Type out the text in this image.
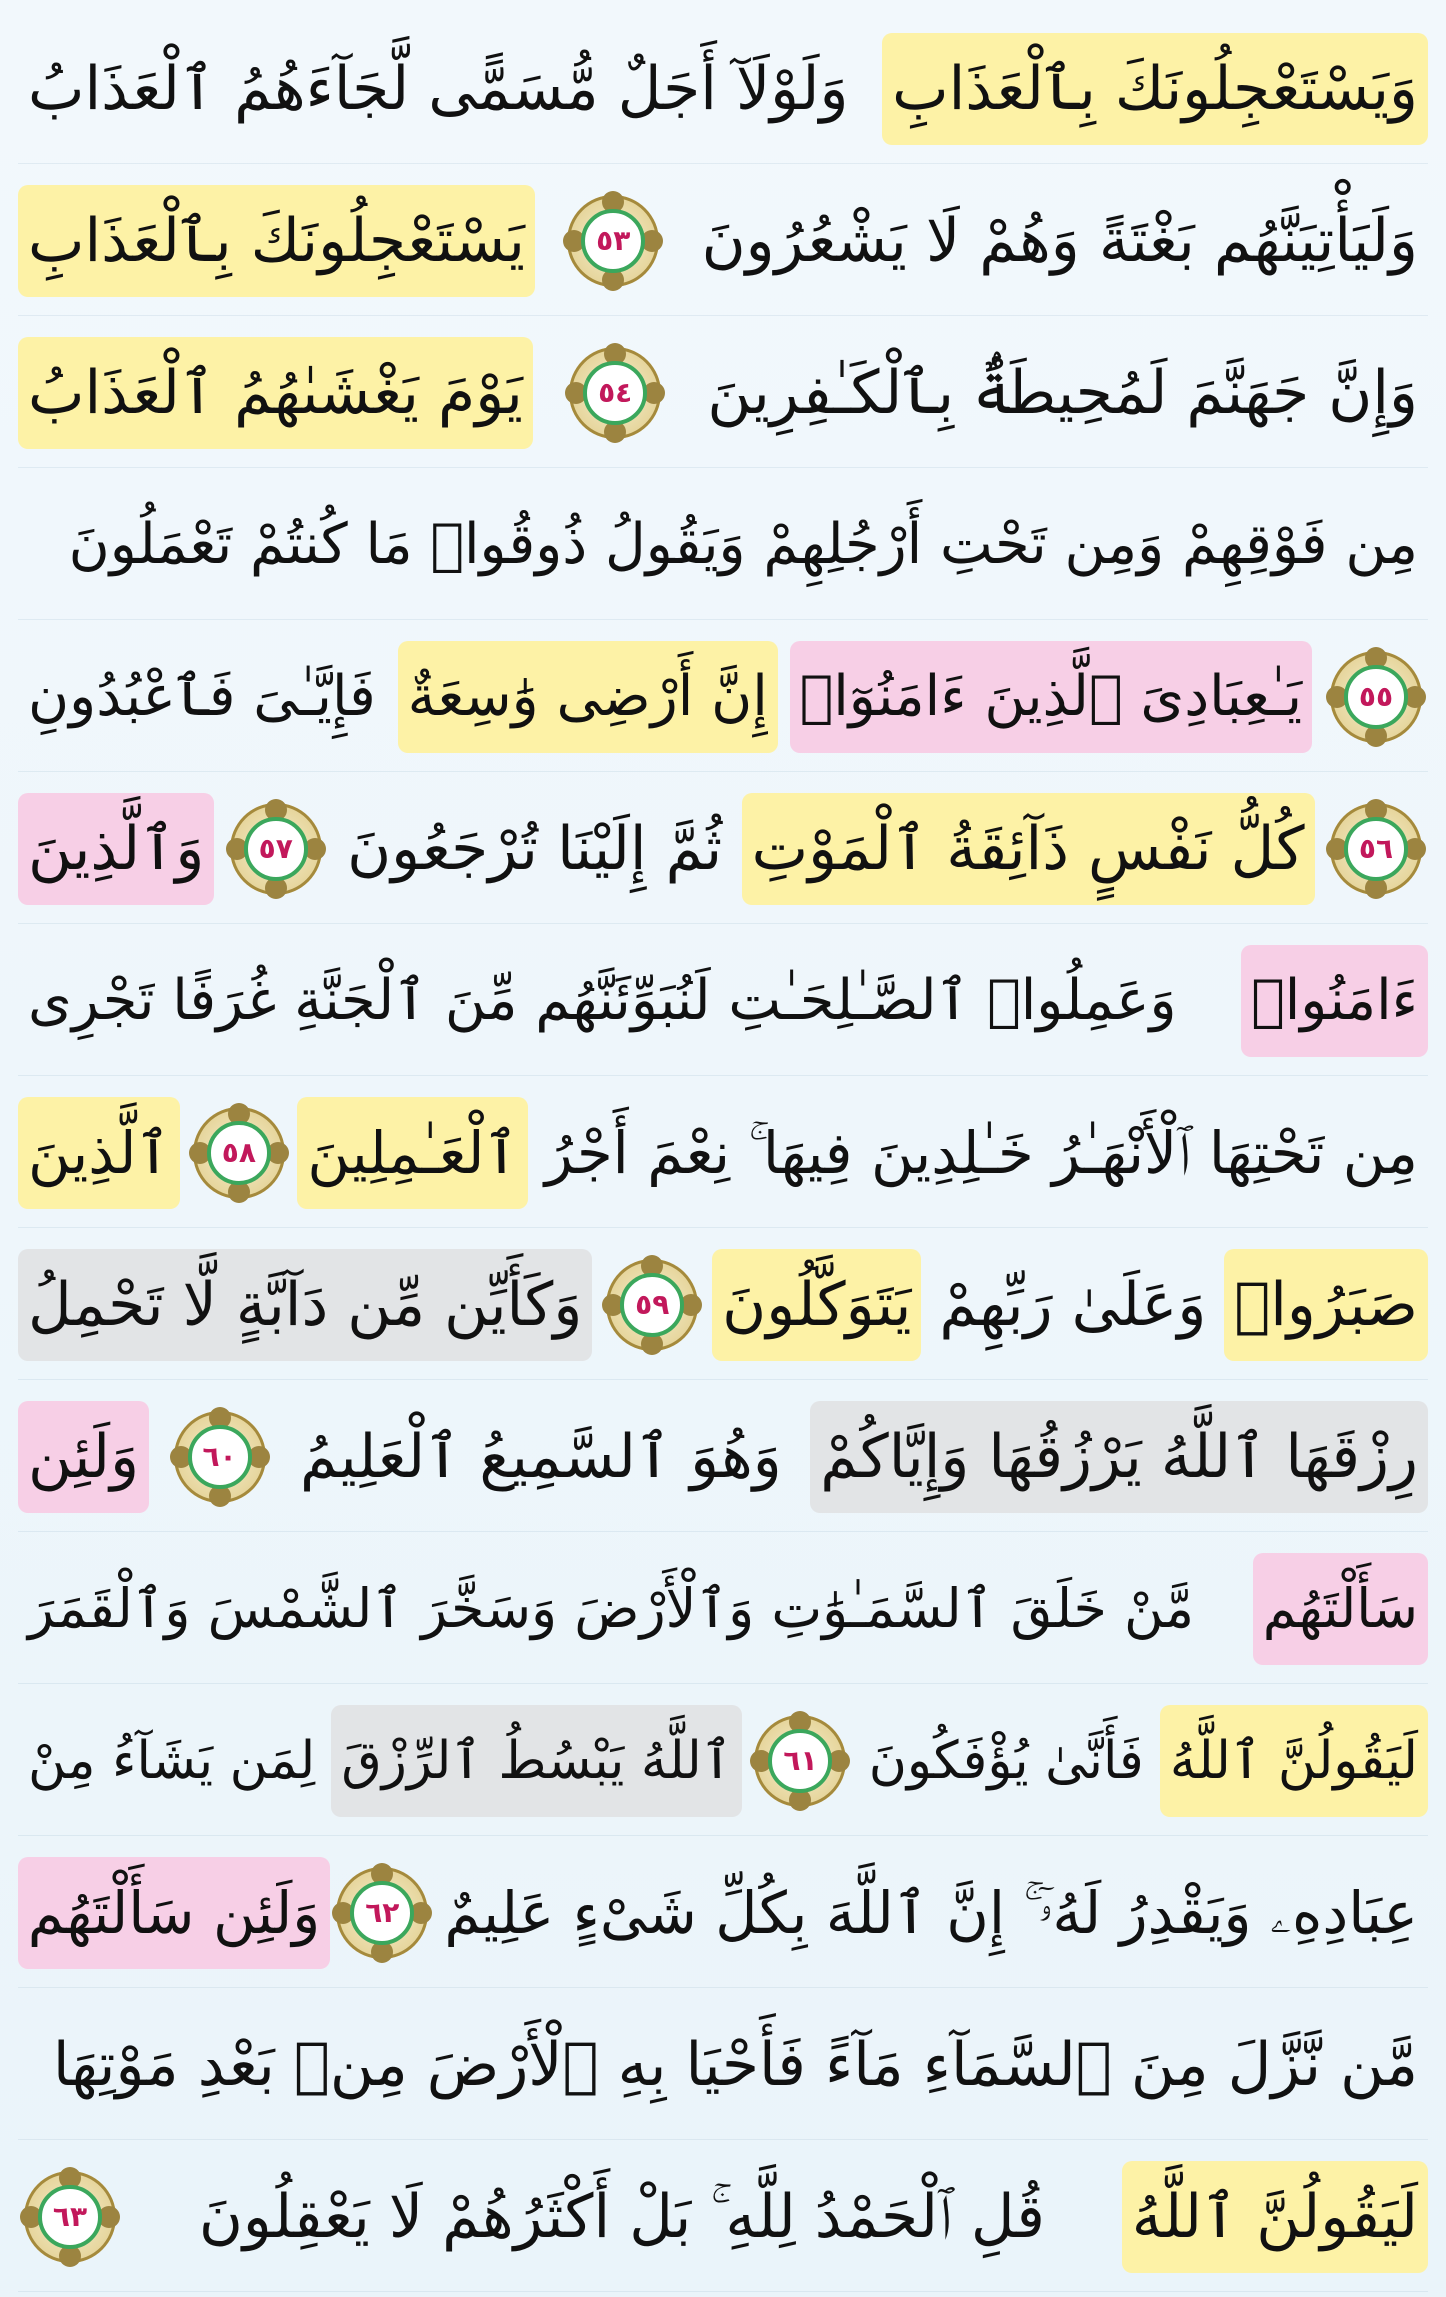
وَيَسْتَعْجِلُونَكَ بِٱلْعَذَابِ
وَلَوْلَآ أَجَلٌ مُّسَمًّى لَّجَآءَهُمُ ٱلْعَذَابُ
وَلَيَأْتِيَنَّهُم بَغْتَةً وَهُمْ لَا يَشْعُرُونَ
٥٣
يَسْتَعْجِلُونَكَ بِٱلْعَذَابِ
وَإِنَّ جَهَنَّمَ لَمُحِيطَةٌۢ بِٱلْكَـٰفِرِينَ
٥٤
يَوْمَ يَغْشَىٰهُمُ ٱلْعَذَابُ
مِن فَوْقِهِمْ وَمِن تَحْتِ أَرْجُلِهِمْ وَيَقُولُ ذُوقُوا۟ مَا كُنتُمْ تَعْمَلُونَ
٥٥
يَـٰعِبَادِىَ ٱلَّذِينَ ءَامَنُوٓا۟
إِنَّ أَرْضِى وَٰسِعَةٌ
فَإِيَّـٰىَ فَٱعْبُدُونِ
٥٦
كُلُّ نَفْسٍ ذَآئِقَةُ ٱلْمَوْتِ
ثُمَّ إِلَيْنَا تُرْجَعُونَ
٥٧
وَٱلَّذِينَ
ءَامَنُوا۟
وَعَمِلُوا۟ ٱلصَّـٰلِحَـٰتِ لَنُبَوِّئَنَّهُم مِّنَ ٱلْجَنَّةِ غُرَفًا تَجْرِى
مِن تَحْتِهَا ٱلْأَنْهَـٰرُ خَـٰلِدِينَ فِيهَا ۚ نِعْمَ أَجْرُ
ٱلْعَـٰمِلِينَ
٥٨
ٱلَّذِينَ
صَبَرُوا۟
وَعَلَىٰ رَبِّهِمْ
يَتَوَكَّلُونَ
٥٩
وَكَأَيِّن مِّن دَآبَّةٍ لَّا تَحْمِلُ
رِزْقَهَا ٱللَّهُ يَرْزُقُهَا وَإِيَّاكُمْ
وَهُوَ ٱلسَّمِيعُ ٱلْعَلِيمُ
٦٠
وَلَئِن
سَأَلْتَهُم
مَّنْ خَلَقَ ٱلسَّمَـٰوَٰتِ وَٱلْأَرْضَ وَسَخَّرَ ٱلشَّمْسَ وَٱلْقَمَرَ
لَيَقُولُنَّ ٱللَّهُ
فَأَنَّىٰ يُؤْفَكُونَ
٦١
ٱللَّهُ يَبْسُطُ ٱلرِّزْقَ
لِمَن يَشَآءُ مِنْ
عِبَادِهِۦ وَيَقْدِرُ لَهُۥٓ ۚ إِنَّ ٱللَّهَ بِكُلِّ شَىْءٍ عَلِيمٌ
٦٢
وَلَئِن سَأَلْتَهُم
مَّن نَّزَّلَ مِنَ ٱلسَّمَآءِ مَآءً فَأَحْيَا بِهِ ٱلْأَرْضَ مِنۢ بَعْدِ مَوْتِهَا
لَيَقُولُنَّ ٱللَّهُ
قُلِ ٱلْحَمْدُ لِلَّهِ ۚ بَلْ أَكْثَرُهُمْ لَا يَعْقِلُونَ
٦٣
